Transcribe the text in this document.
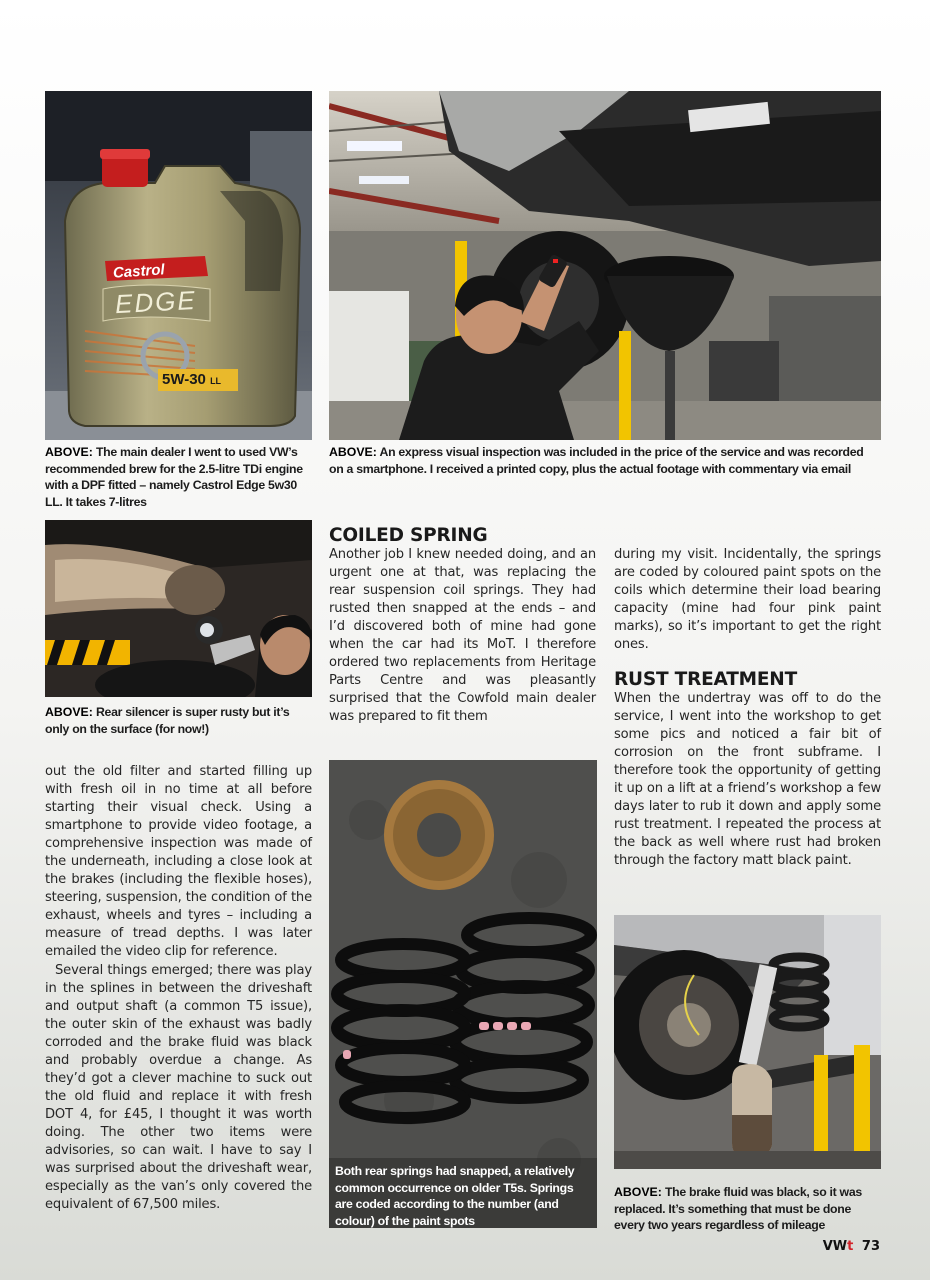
Castrol
EDGE
5W-30 LL
ABOVE: The main dealer I went to used VW’s recommended brew for the 2.5-litre TDi engine with a DPF fitted – namely Castrol Edge 5w30 LL. It takes 7-litres
ABOVE: An express visual inspection was included in the price of the service and was recorded on a smartphone. I received a printed copy, plus the actual footage with commentary via email
ABOVE: Rear silencer is super rusty but it’s only on the surface (for now!)

out the old filter and started filling up with fresh oil in no time at all before starting their visual check. Using a smartphone to provide video footage, a comprehensive inspection was made of the underneath, including a close look at the brakes (including the flexible hoses), steering, suspension, the condition of the exhaust, wheels and tyres – including a measure of tread depths. I was later emailed the video clip for reference.

Several things emerged; there was play in the splines in between the driveshaft and output shaft (a common T5 issue), the outer skin of the exhaust was badly corroded and the brake fluid was black and probably overdue a change. As they’d got a clever machine to suck out the old fluid and replace it with fresh DOT 4, for £45, I thought it was worth doing. The other two items were advisories, so can wait. I have to say I was surprised about the driveshaft wear, especially as the van’s only covered the equivalent of 67,500 miles.

COILED SPRING

Another job I knew needed doing, and an urgent one at that, was replacing the rear suspension coil springs. They had rusted then snapped at the ends – and I’d discovered both of mine had gone when the car had its MoT. I therefore ordered two replacements from Heritage Parts Centre and was pleasantly surprised that the Cowfold main dealer was prepared to fit them

Both rear springs had snapped, a relatively common occurrence on older T5s. Springs are coded according to the number (and colour) of the paint spots

during my visit. Incidentally, the springs are coded by coloured paint spots on the coils which determine their load bearing capacity (mine had four pink paint marks), so it’s important to get the right ones.

RUST TREATMENT

When the undertray was off to do the service, I went into the workshop to get some pics and noticed a fair bit of corrosion on the front subframe. I therefore took the opportunity of getting it up on a lift at a friend’s workshop a few days later to rub it down and apply some rust treatment. I repeated the process at the back as well where rust had broken through the factory matt black paint.

ABOVE: The brake fluid was black, so it was replaced. It’s something that must be done every two years regardless of mileage
VWt 73
